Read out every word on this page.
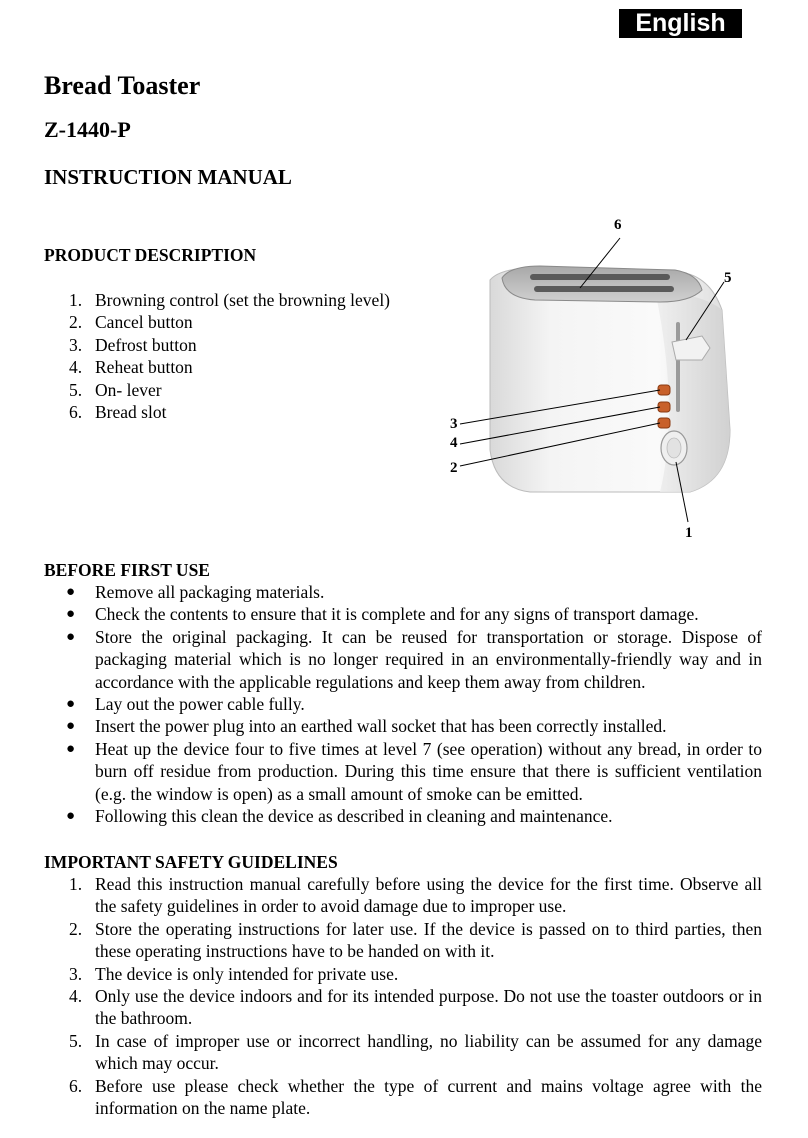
English
Bread Toaster
Z-1440-P
INSTRUCTION MANUAL
PRODUCT DESCRIPTION
1. Browning control (set the browning level)
2. Cancel button
3. Defrost button
4. Reheat button
5. On- lever
6. Bread slot
6
5
3
4
2
1
BEFORE FIRST USE
● Remove all packaging materials.
● Check the contents to ensure that it is complete and for any signs of transport damage.
● Store the original packaging. It can be reused for transportation or storage. Dispose of packaging material which is no longer required in an environmentally-friendly way and in accordance with the applicable regulations and keep them away from children.
● Lay out the power cable fully.
● Insert the power plug into an earthed wall socket that has been correctly installed.
● Heat up the device four to five times at level 7 (see operation) without any bread, in order to burn off residue from production. During this time ensure that there is sufficient ventilation (e.g. the window is open) as a small amount of smoke can be emitted.
● Following this clean the device as described in cleaning and maintenance.
IMPORTANT SAFETY GUIDELINES
1. Read this instruction manual carefully before using the device for the first time. Observe all the safety guidelines in order to avoid damage due to improper use.
2. Store the operating instructions for later use. If the device is passed on to third parties, then these operating instructions have to be handed on with it.
3. The device is only intended for private use.
4. Only use the device indoors and for its intended purpose. Do not use the toaster outdoors or in the bathroom.
5. In case of improper use or incorrect handling, no liability can be assumed for any damage which may occur.
6. Before use please check whether the type of current and mains voltage agree with the information on the name plate.
